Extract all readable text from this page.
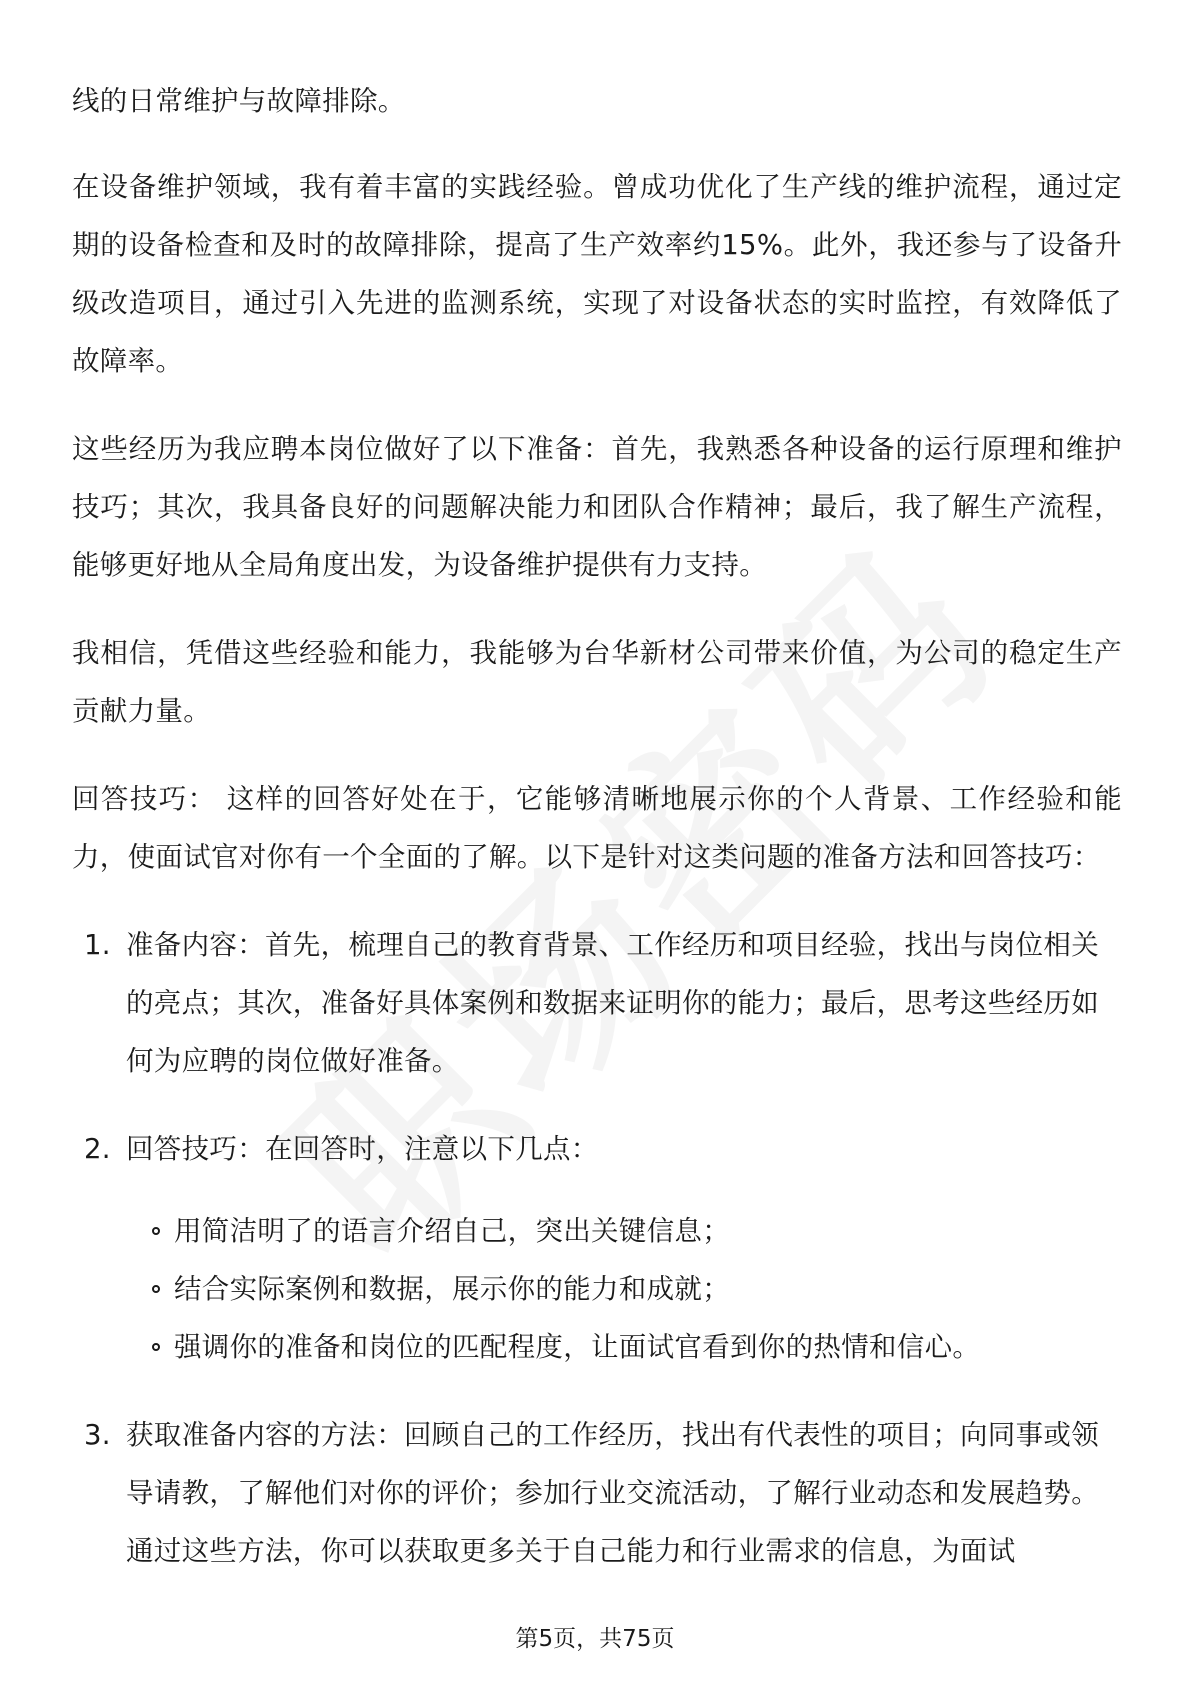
线的日常维护与故障排除。

在设备维护领域，我有着丰富的实践经验。曾成功优化了生产线的维护流程，通过定期的设备检查和及时的故障排除，提高了生产效率约15%。此外，我还参与了设备升级改造项目，通过引入先进的监测系统，实现了对设备状态的实时监控，有效降低了故障率。

这些经历为我应聘本岗位做好了以下准备：首先，我熟悉各种设备的运行原理和维护技巧；其次，我具备良好的问题解决能力和团队合作精神；最后，我了解生产流程，能够更好地从全局角度出发，为设备维护提供有力支持。

我相信，凭借这些经验和能力，我能够为台华新材公司带来价值，为公司的稳定生产贡献力量。

回答技巧： 这样的回答好处在于，它能够清晰地展示你的个人背景、工作经验和能力，使面试官对你有一个全面的了解。以下是针对这类问题的准备方法和回答技巧：

1. 准备内容：首先，梳理自己的教育背景、工作经历和项目经验，找出与岗位相关的亮点；其次，准备好具体案例和数据来证明你的能力；最后，思考这些经历如何为应聘的岗位做好准备。
2. 回答技巧：在回答时，注意以下几点：
用简洁明了的语言介绍自己，突出关键信息；
结合实际案例和数据，展示你的能力和成就；
强调你的准备和岗位的匹配程度，让面试官看到你的热情和信心。
3. 获取准备内容的方法：回顾自己的工作经历，找出有代表性的项目；向同事或领导请教，了解他们对你的评价；参加行业交流活动，了解行业动态和发展趋势。通过这些方法，你可以获取更多关于自己能力和行业需求的信息，为面试
第5页，共75页
